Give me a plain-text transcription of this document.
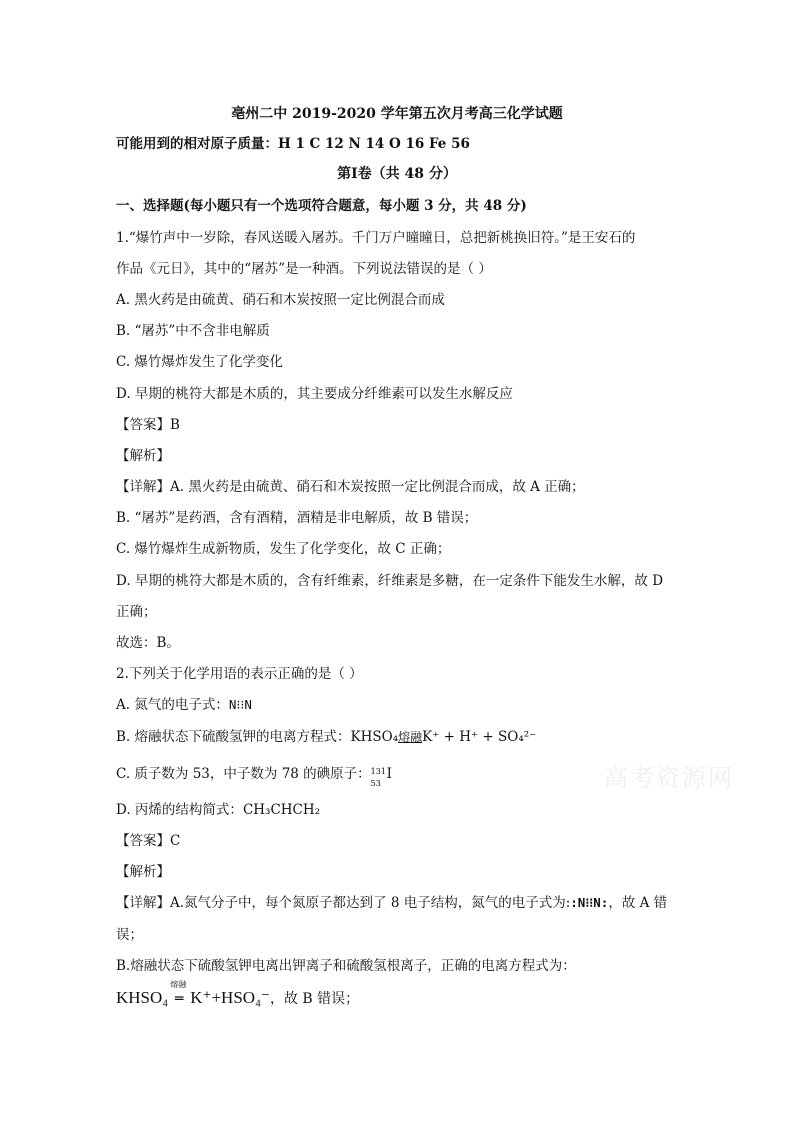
亳州二中 2019-2020 学年第五次月考高三化学试题
可能用到的相对原子质量：H 1 C 12 N 14 O 16 Fe 56
第Ⅰ卷（共 48 分）
一、选择题(每小题只有一个选项符合题意，每小题 3 分，共 48 分)
1.“爆竹声中一岁除，春风送暖入屠苏。千门万户曈曈日，总把新桃换旧符。”是王安石的
作品《元日》，其中的“屠苏”是一种酒。下列说法错误的是（ ）
A. 黑火药是由硫黄、硝石和木炭按照一定比例混合而成
B. “屠苏”中不含非电解质
C. 爆竹爆炸发生了化学变化
D. 早期的桃符大都是木质的，其主要成分纤维素可以发生水解反应
【答案】B
【解析】
【详解】A. 黑火药是由硫黄、硝石和木炭按照一定比例混合而成，故 A 正确；
B. “屠苏”是药酒，含有酒精，酒精是非电解质，故 B 错误；
C. 爆竹爆炸生成新物质，发生了化学变化，故 C 正确；
D. 早期的桃符大都是木质的，含有纤维素，纤维素是多糖，在一定条件下能发生水解，故 D
正确；
故选：B。
2.下列关于化学用语的表示正确的是（ ）
A. 氮气的电子式：N⁝⁝N
B. 熔融状态下硫酸氢钾的电离方程式：KHSO₄熔融K⁺ + H⁺ + SO₄²⁻
C. 质子数为 53，中子数为 78 的碘原子： 131
53
I
D. 丙烯的结构简式：CH₃CHCH₂
【答案】C
【解析】
【详解】A.氮气分子中，每个氮原子都达到了 8 电子结构，氮气的电子式为::N⁝⁝N:，故 A 错
误；
B.熔融状态下硫酸氢钾电离出钾离子和硫酸氢根离子，正确的电离方程式为：
KHSO₄
熔融
═ K⁺+HSO₄⁻，故 B 错误；
高考资源网
